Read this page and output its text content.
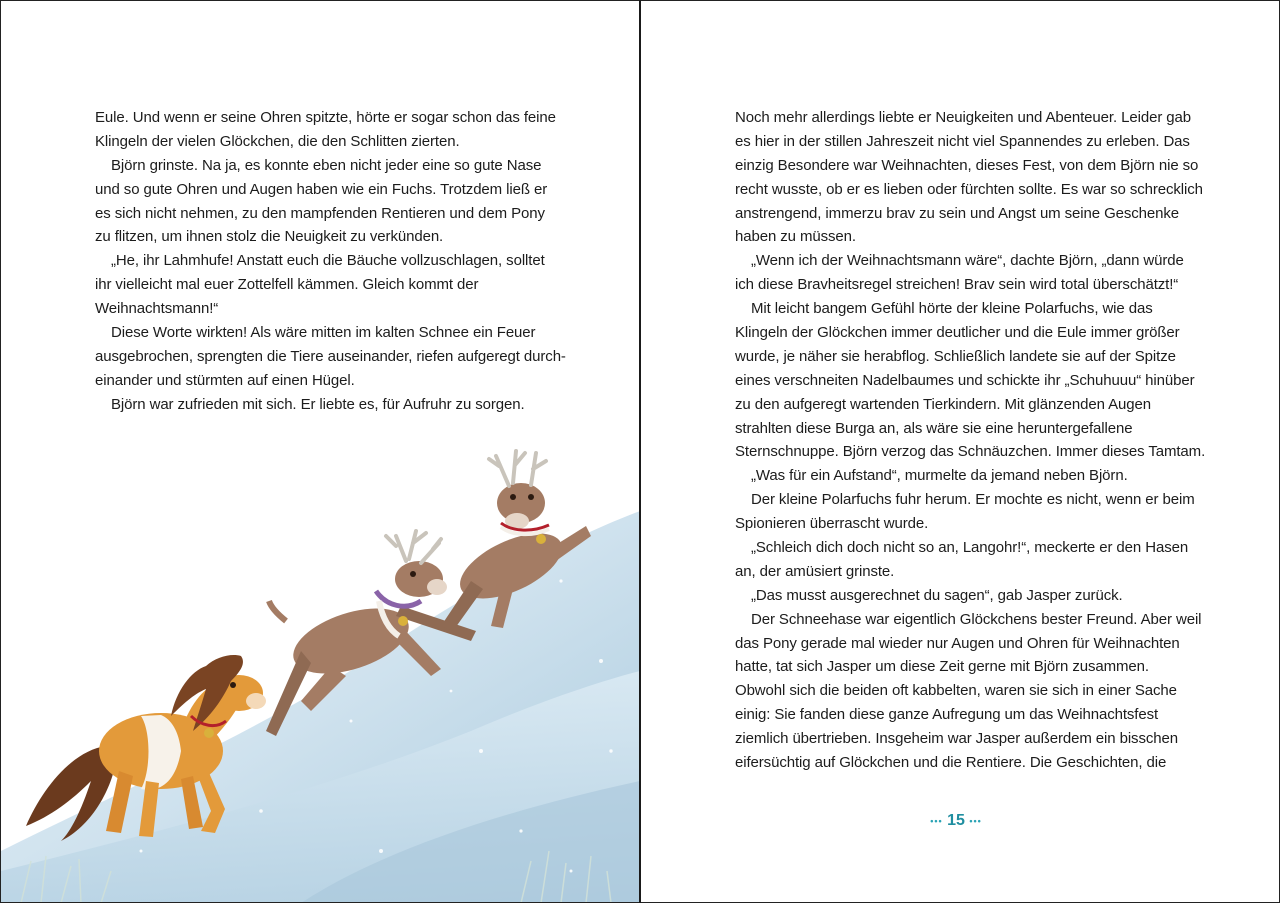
Eule. Und wenn er seine Ohren spitzte, hörte er sogar schon das feine
Klingeln der vielen Glöckchen, die den Schlitten zierten.
Björn grinste. Na ja, es konnte eben nicht jeder eine so gute Nase
und so gute Ohren und Augen haben wie ein Fuchs. Trotzdem ließ er
es sich nicht nehmen, zu den mampfenden Rentieren und dem Pony
zu flitzen, um ihnen stolz die Neuigkeit zu verkünden.
„He, ihr Lahmhufe! Anstatt euch die Bäuche vollzuschlagen, solltet
ihr vielleicht mal euer Zottelfell kämmen. Gleich kommt der
Weihnachtsmann!“
Diese Worte wirkten! Als wäre mitten im kalten Schnee ein Feuer
ausgebrochen, sprengten die Tiere auseinander, riefen aufgeregt durch-
einander und stürmten auf einen Hügel.
Björn war zufrieden mit sich. Er liebte es, für Aufruhr zu sorgen.
Noch mehr allerdings liebte er Neuigkeiten und Abenteuer. Leider gab
es hier in der stillen Jahreszeit nicht viel Spannendes zu erleben. Das
einzig Besondere war Weihnachten, dieses Fest, von dem Björn nie so
recht wusste, ob er es lieben oder fürchten sollte. Es war so schrecklich
anstrengend, immerzu brav zu sein und Angst um seine Geschenke
haben zu müssen.
„Wenn ich der Weihnachtsmann wäre“, dachte Björn, „dann würde
ich diese Bravheitsregel streichen! Brav sein wird total überschätzt!“
Mit leicht bangem Gefühl hörte der kleine Polarfuchs, wie das
Klingeln der Glöckchen immer deutlicher und die Eule immer größer
wurde, je näher sie herabflog. Schließlich landete sie auf der Spitze
eines verschneiten Nadelbaumes und schickte ihr „Schuhuuu“ hinüber
zu den aufgeregt wartenden Tierkindern. Mit glänzenden Augen
strahlten diese Burga an, als wäre sie eine heruntergefallene
Sternschnuppe. Björn verzog das Schnäuzchen. Immer dieses Tamtam.
„Was für ein Aufstand“, murmelte da jemand neben Björn.
Der kleine Polarfuchs fuhr herum. Er mochte es nicht, wenn er beim
Spionieren überrascht wurde.
„Schleich dich doch nicht so an, Langohr!“, meckerte er den Hasen
an, der amüsiert grinste.
„Das musst ausgerechnet du sagen“, gab Jasper zurück.
Der Schneehase war eigentlich Glöckchens bester Freund. Aber weil
das Pony gerade mal wieder nur Augen und Ohren für Weihnachten
hatte, tat sich Jasper um diese Zeit gerne mit Björn zusammen.
Obwohl sich die beiden oft kabbelten, waren sie sich in einer Sache
einig: Sie fanden diese ganze Aufregung um das Weihnachtsfest
ziemlich übertrieben. Insgeheim war Jasper außerdem ein bisschen
eifersüchtig auf Glöckchen und die Rentiere. Die Geschichten, die
••• 15 •••
